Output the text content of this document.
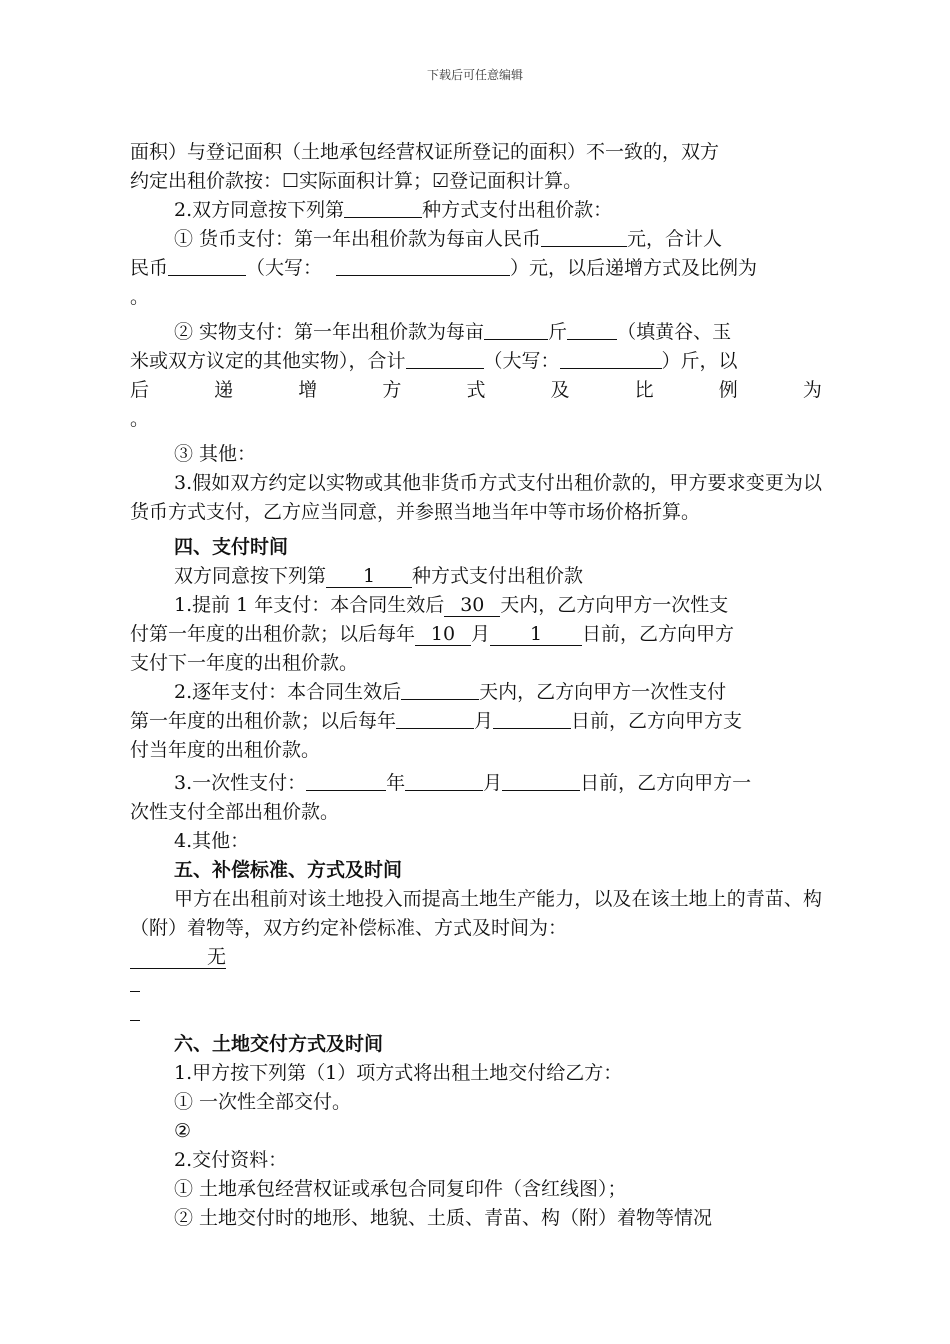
下载后可任意编辑

面积）与登记面积（土地承包经营权证所登记的面积）不一致的，双方
约定出租价款按：☐实际面积计算；☑登记面积计算。

2.双方同意按下列第	种方式支付出租价款：

① 货币支付：第一年出租价款为每亩人民币	元，合计人

民币	（大写：	）元，以后递增方式及比例为

。

② 实物支付：第一年出租价款为每亩	斤	（填黄谷、玉

米或双方议定的其他实物），合计	（大写：	）斤，以

后	递	增	方	式	及	比	例	为

。

③ 其他：

3.假如双方约定以实物或其他非货币方式支付出租价款的，甲方要求变更为以货币方式支付，乙方应当同意，并参照当地当年中等市场价格折算。

四、支付时间

双方同意按下列第 1 种方式支付出租价款

1.提前 1 年支付：本合同生效后 30 天内，乙方向甲方一次性支

付第一年度的出租价款；以后每年 10 月 1 日前，乙方向甲方

支付下一年度的出租价款。

2.逐年支付：本合同生效后	天内，乙方向甲方一次性支付

第一年度的出租价款；以后每年	月	日前，乙方向甲方支

付当年度的出租价款。

3.一次性支付：	年	月	日前，乙方向甲方一

次性支付全部出租价款。

4.其他：

五、补偿标准、方式及时间

甲方在出租前对该土地投入而提高土地生产能力，以及在该土地上的青苗、构（附）着物等，双方约定补偿标准、方式及时间为：

无

六、土地交付方式及时间

1.甲方按下列第（1）项方式将出租土地交付给乙方：

① 一次性全部交付。

②

2.交付资料：

① 土地承包经营权证或承包合同复印件（含红线图）；

② 土地交付时的地形、地貌、土质、青苗、构（附）着物等情况
